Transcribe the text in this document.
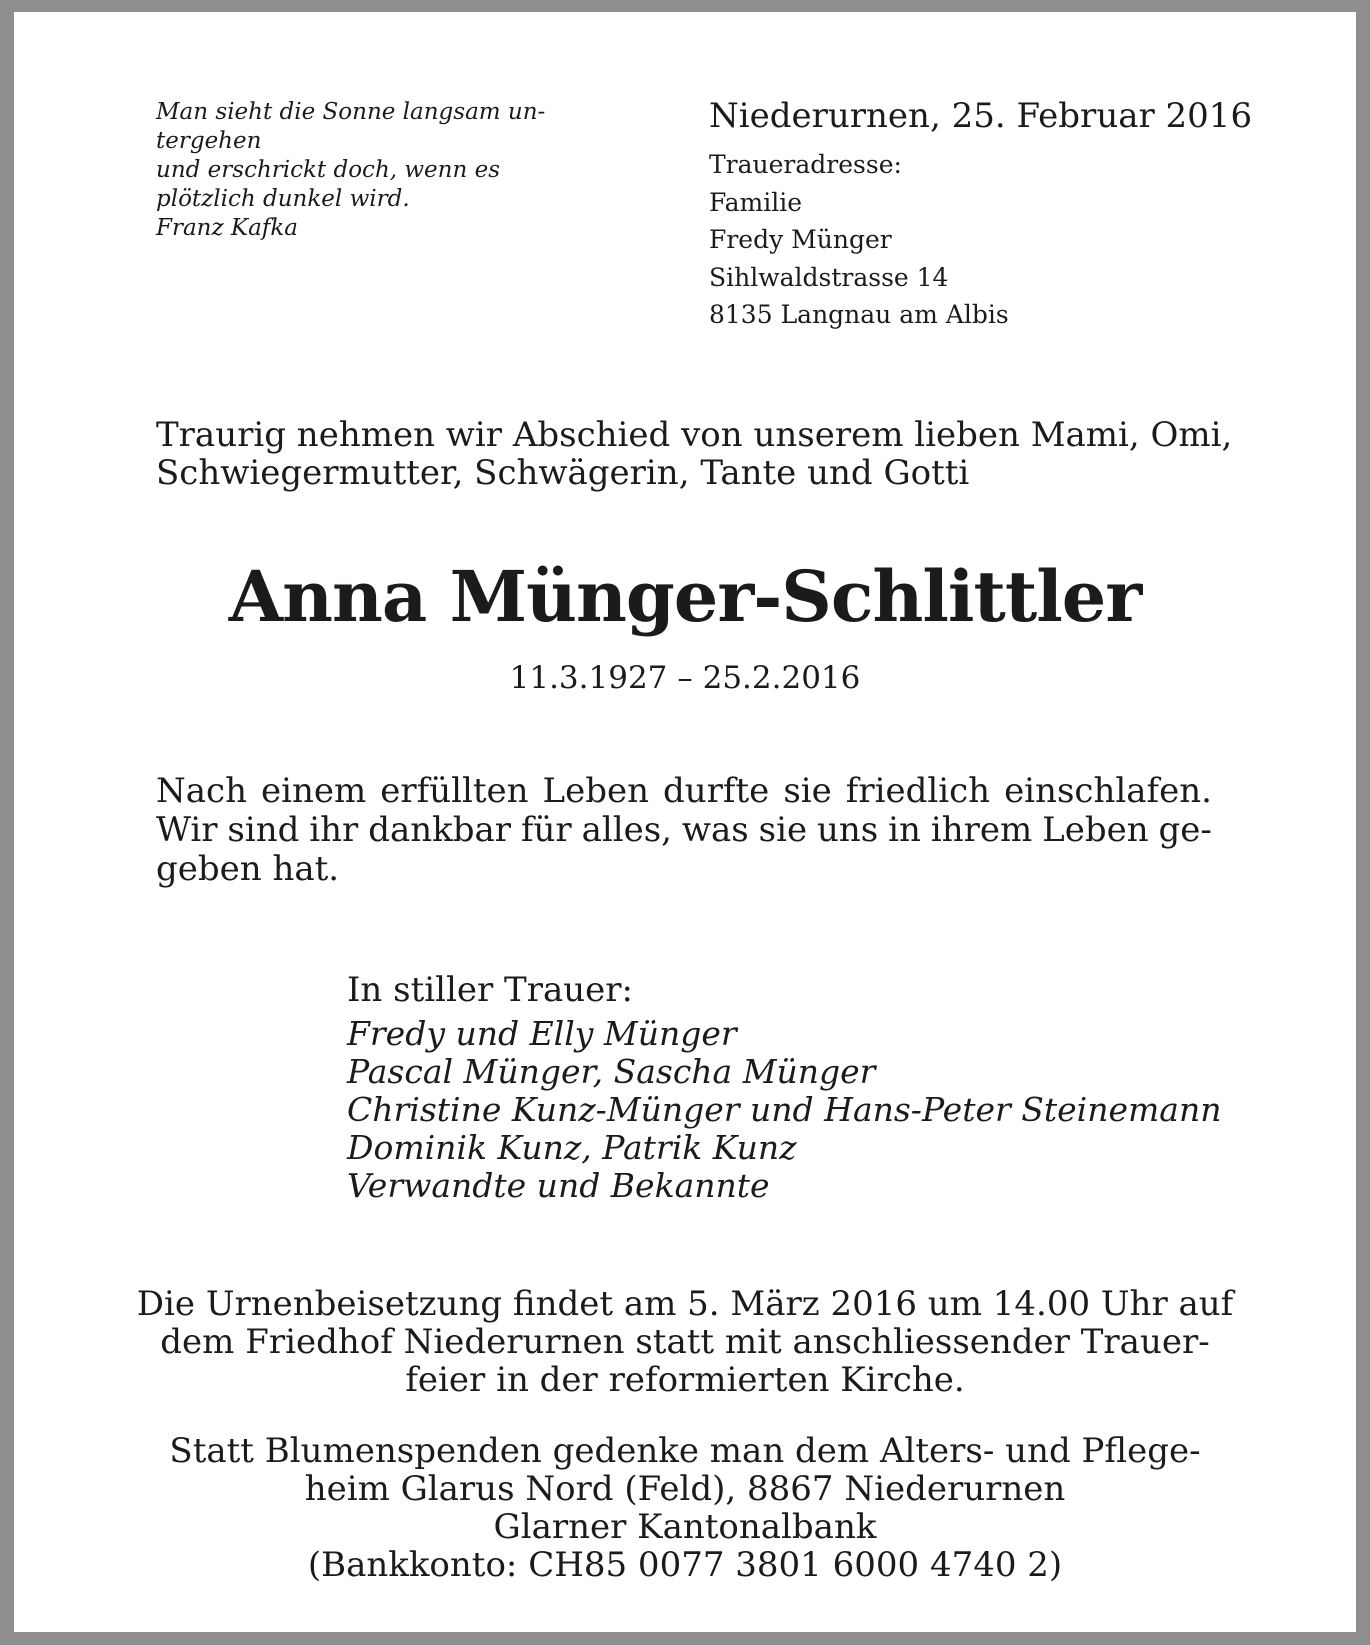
Man sieht die Sonne langsam un-
tergehen
und erschrickt doch, wenn es
plötzlich dunkel wird.
Franz Kafka
Niederurnen, 25. Februar 2016
Traueradresse:
Familie
Fredy Münger
Sihlwaldstrasse 14
8135 Langnau am Albis
Traurig nehmen wir Abschied von unserem lieben Mami, Omi,
Schwiegermutter, Schwägerin, Tante und Gotti
Anna Münger-Schlittler
11.3.1927 – 25.2.2016
Nach einem erfüllten Leben durfte sie friedlich einschlafen.
Wir sind ihr dankbar für alles, was sie uns in ihrem Leben ge-
geben hat.
In stiller Trauer:
Fredy und Elly Münger
Pascal Münger, Sascha Münger
Christine Kunz-Münger und Hans-Peter Steinemann
Dominik Kunz, Patrik Kunz
Verwandte und Bekannte
Die Urnenbeisetzung findet am 5. März 2016 um 14.00 Uhr auf
dem Friedhof Niederurnen statt mit anschliessender Trauer-
feier in der reformierten Kirche.
Statt Blumenspenden gedenke man dem Alters- und Pflege-
heim Glarus Nord (Feld), 8867 Niederurnen
Glarner Kantonalbank
(Bankkonto: CH85 0077 3801 6000 4740 2)
